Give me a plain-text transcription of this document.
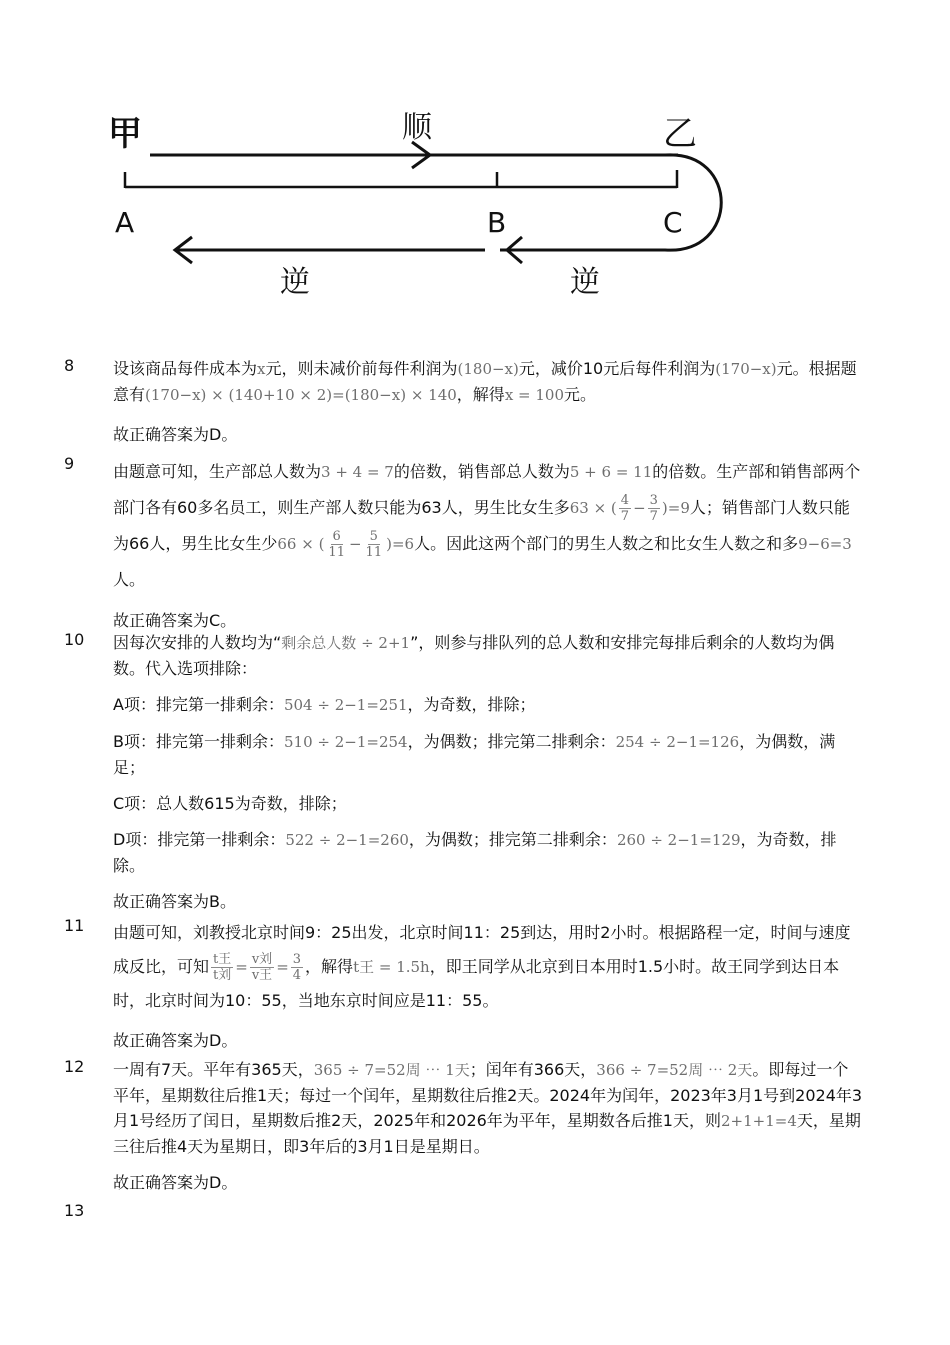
甲	乙
顺
A	B	C
逆	逆
8	设该商品每件成本为x元，则未减价前每件利润为(180−x)元，减价10元后每件利润为(170−x)元。根据题意有(170−x) × (140+10 × 2)=(180−x) × 140，解得x = 100元。
故正确答案为D。
9	由题意可知，生产部总人数为3 + 4 = 7的倍数，销售部总人数为5 + 6 = 11的倍数。生产部和销售部两个部门各有60多名员工，则生产部人数只能为63人，男生比女生多63 × ( $\frac{4}{7} - \frac{3}{7} )=9$人；销售部门人数只能为66人，男生比女生少66 × ( $\frac{6}{11} - \frac{5}{11} )=6$人。因此这两个部门的男生人数之和比女生人数之和多9−6=3人。
故正确答案为C。
10	因每次安排的人数均为“剩余总人数 ÷ 2+1”，则参与排队列的总人数和安排完每排后剩余的人数均为偶数。代入选项排除：
A项：排完第一排剩余：504 ÷ 2−1=251，为奇数，排除；
B项：排完第一排剩余：510 ÷ 2−1=254，为偶数；排完第二排剩余：254 ÷ 2−1=126，为偶数，满足；
C项：总人数615为奇数，排除；
D项：排完第一排剩余：522 ÷ 2−1=260，为偶数；排完第二排剩余：260 ÷ 2−1=129，为奇数，排除。
故正确答案为B。
11	由题可知，刘教授北京时间9：25出发，北京时间11：25到达，用时2小时。根据路程一定，时间与速度成反比，可知 $\frac{\text{t王}}{\text{t刘}} = \frac{\text{v刘}}{\text{v王}} = \frac{3}{4}$ ，解得t王 = 1.5h，即王同学从北京到日本用时1.5小时。故王同学到达日本时，北京时间为10：55，当地东京时间应是11：55。
故正确答案为D。
12	一周有7天。平年有365天，365 ÷ 7=52周 ⋯ 1天；闰年有366天，366 ÷ 7=52周 ⋯ 2天。即每过一个平年，星期数往后推1天；每过一个闰年，星期数往后推2天。2024年为闰年，2023年3月1号到2024年3月1号经历了闰日，星期数后推2天，2025年和2026年为平年，星期数各后推1天，则2+1+1=4天，星期三往后推4天为星期日，即3年后的3月1日是星期日。
故正确答案为D。
13
